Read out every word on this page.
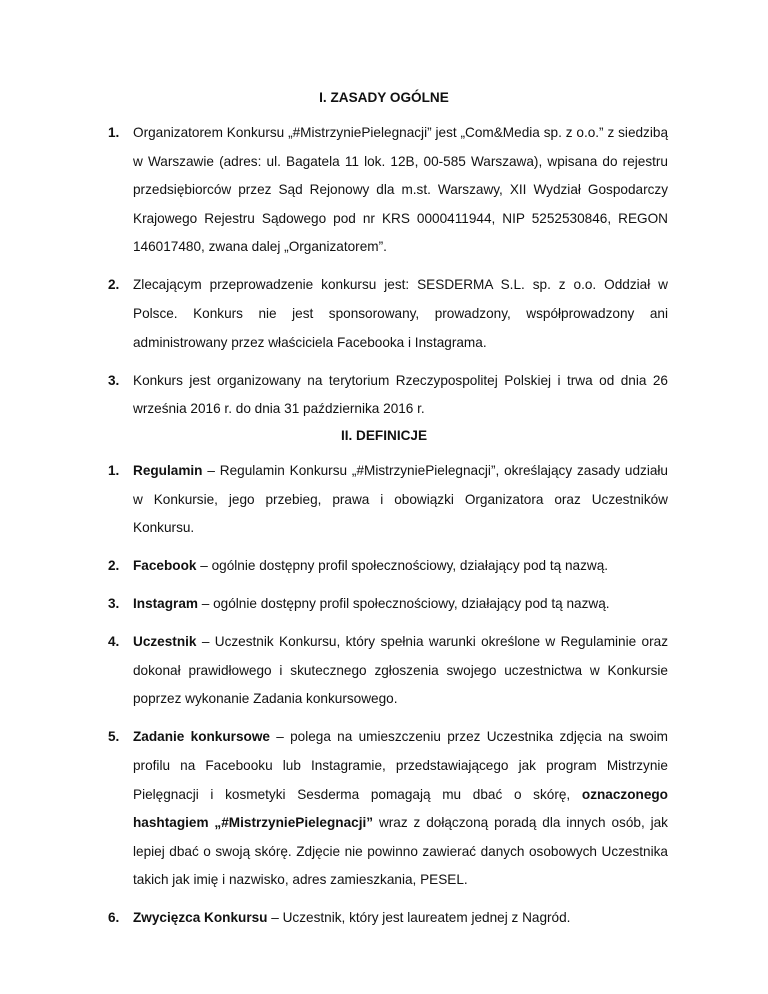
I. ZASADY OGÓLNE
1. Organizatorem Konkursu „#MistrzyniePielegnacji” jest „Com&Media sp. z o.o.” z siedzibą w Warszawie (adres: ul. Bagatela 11 lok. 12B, 00-585 Warszawa), wpisana do rejestru przedsiębiorców przez Sąd Rejonowy dla m.st. Warszawy, XII Wydział Gospodarczy Krajowego Rejestru Sądowego pod nr KRS 0000411944, NIP 5252530846, REGON 146017480, zwana dalej „Organizatorem”.
2. Zlecającym przeprowadzenie konkursu jest: SESDERMA S.L. sp. z o.o. Oddział w Polsce. Konkurs nie jest sponsorowany, prowadzony, współprowadzony ani administrowany przez właściciela Facebooka i Instagrama.
3. Konkurs jest organizowany na terytorium Rzeczypospolitej Polskiej i trwa od dnia 26 września 2016 r. do dnia 31 października 2016 r.
II. DEFINICJE
1. Regulamin – Regulamin Konkursu „#MistrzyniePielegnacji”, określający zasady udziału w Konkursie, jego przebieg, prawa i obowiązki Organizatora oraz Uczestników Konkursu.
2. Facebook – ogólnie dostępny profil społecznościowy, działający pod tą nazwą.
3. Instagram – ogólnie dostępny profil społecznościowy, działający pod tą nazwą.
4. Uczestnik – Uczestnik Konkursu, który spełnia warunki określone w Regulaminie oraz dokonał prawidłowego i skutecznego zgłoszenia swojego uczestnictwa w Konkursie poprzez wykonanie Zadania konkursowego.
5. Zadanie konkursowe – polega na umieszczeniu przez Uczestnika zdjęcia na swoim profilu na Facebooku lub Instagramie, przedstawiającego jak program Mistrzynie Pielęgnacji i kosmetyki Sesderma pomagają mu dbać o skórę, oznaczonego hashtagiem „#MistrzyniePielegnacji” wraz z dołączoną poradą dla innych osób, jak lepiej dbać o swoją skórę. Zdjęcie nie powinno zawierać danych osobowych Uczestnika takich jak imię i nazwisko, adres zamieszkania, PESEL.
6. Zwycięzca Konkursu – Uczestnik, który jest laureatem jednej z Nagród.
